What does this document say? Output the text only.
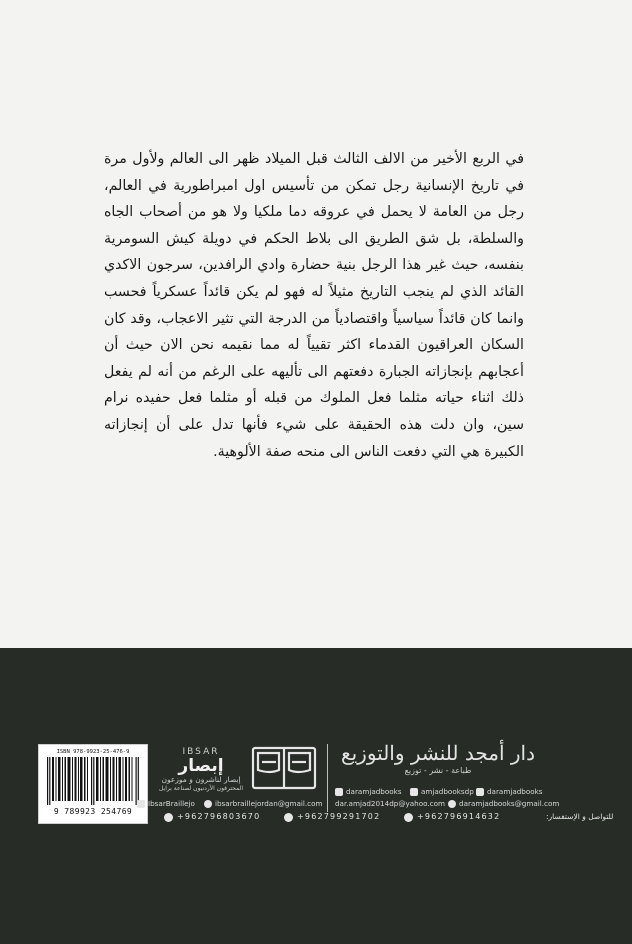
في الربع الأخير من الالف الثالث قبل الميلاد ظهر الى العالم ولأول مرة في تاريخ الإنسانية رجل تمكن من تأسيس اول امبراطورية في العالم، رجل من العامة لا يحمل في عروقه دما ملكيا ولا هو من أصحاب الجاه والسلطة، بل شق الطريق الى بلاط الحكم في دويلة كيش السومرية بنفسه، حيث غير هذا الرجل بنية حضارة وادي الرافدين، سرجون الاكدي القائد الذي لم ينجب التاريخ مثيلاً له فهو لم يكن قائداً عسكرياً فحسب وانما كان قائداً سياسياً واقتصادياً من الدرجة التي تثير الاعجاب، وقد كان السكان العراقيون القدماء اكثر تقيياً له مما نقيمه نحن الان حيث أن أعجابهم بإنجازاته الجبارة دفعتهم الى تأليهه على الرغم من أنه لم يفعل ذلك اثناء حياته مثلما فعل الملوك من قبله أو مثلما فعل حفيده نرام سين، وان دلت هذه الحقيقة على شيء فأنها تدل على أن إنجازاته الكبيرة هي التي دفعت الناس الى منحه صفة الألوهية.

ISBN 978-9923-25-476-9
9 789923 254769
IBSAR
إبصار
إبصار لناشرون و موزعون
المحترفون الأردنيون لصناعة برايل
دار أمجد للنشر والتوزيع
طباعة - نشر - توزيع
IbsarBraillejo	ibsarbraillejordan@gmail.com
daramjadbooks	amjadbooksdp daramjadbooks
dar.amjad2014dp@yahoo.com daramjadbooks@gmail.com
+962796803670	+962799291702	+962796914632	للتواصل و الإستفسار:
